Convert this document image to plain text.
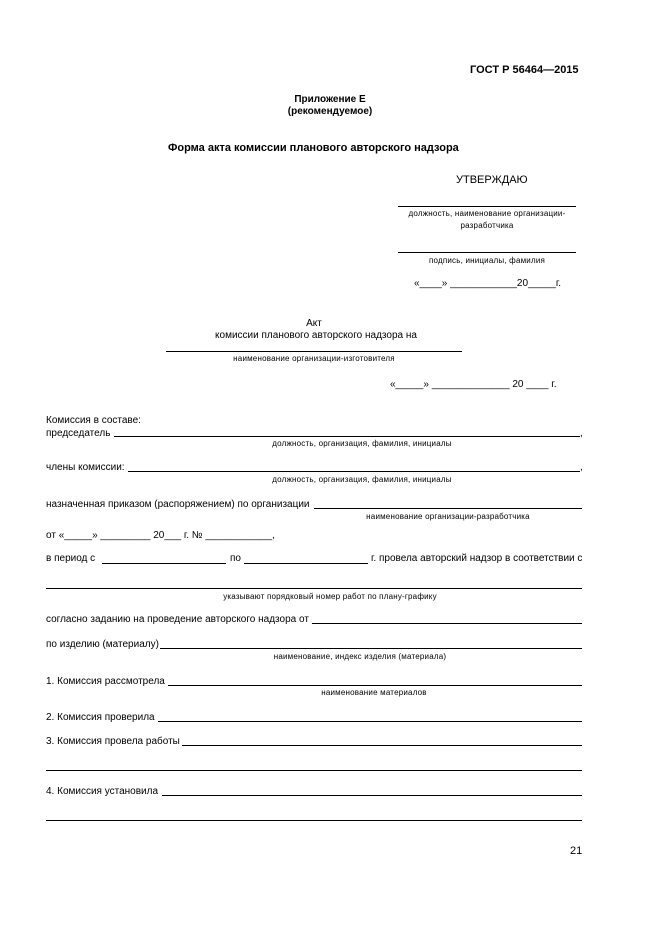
ГОСТ Р 56464—2015
Приложение Е
(рекомендуемое)
Форма акта комиссии планового авторского надзора
УТВЕРЖДАЮ
должность, наименование организации-
разработчика
подпись, инициалы, фамилия
«____» ____________20_____г.
Акт
комиссии планового авторского надзора на
наименование организации-изготовителя
«_____» ______________ 20 ____ г.
Комиссия в составе:
председатель	,
должность, организация, фамилия, инициалы
члены комиссии:	,
должность, организация, фамилия, инициалы
назначенная приказом (распоряжением) по организации
наименование организации-разработчика
от «_____» _________ 20___ г. № ____________,
в период с	по	г. провела авторский надзор в соответствии с
указывают порядковый номер работ по плану-графику
согласно заданию на проведение авторского надзора от
по изделию (материалу)
наименование, индекс изделия (материала)
1. Комиссия рассмотрела
наименование материалов
2. Комиссия проверила
3. Комиссия провела работы
4. Комиссия установила
21
